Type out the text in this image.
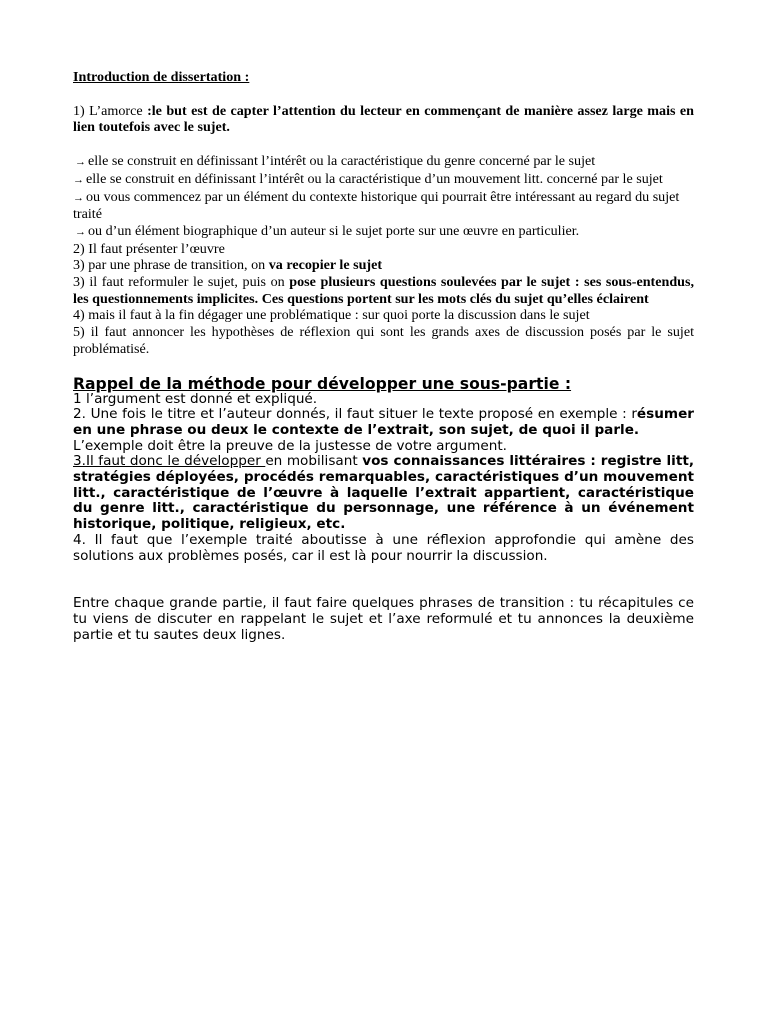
Introduction de dissertation :

1) L’amorce :le but est de capter l’attention du lecteur en commençant de manière assez large mais en lien toutefois avec le sujet.

→ elle se construit en définissant l’intérêt ou la caractéristique du genre concerné par le sujet

→ elle se construit en définissant l’intérêt ou la caractéristique d’un mouvement litt. concerné par le sujet

→ ou vous commencez par un élément du contexte historique qui pourrait être intéressant au regard du sujet traité

→ ou d’un élément biographique d’un auteur si le sujet porte sur une œuvre en particulier.

2) Il faut présenter l’œuvre

3) par une phrase de transition, on va recopier le sujet

3) il faut reformuler le sujet, puis on pose plusieurs questions soulevées par le sujet : ses sous-entendus, les questionnements implicites. Ces questions portent sur les mots clés du sujet qu’elles éclairent

4) mais il faut à la fin dégager une problématique : sur quoi porte la discussion dans le sujet

5) il faut annoncer les hypothèses de réflexion qui sont les grands axes de discussion posés par le sujet problématisé.

Rappel de la méthode pour développer une sous-partie :

1 l’argument est donné et expliqué.

2. Une fois le titre et l’auteur donnés, il faut situer le texte proposé en exemple : résumer en une phrase ou deux le contexte de l’extrait, son sujet, de quoi il parle.

L’exemple doit être la preuve de la justesse de votre argument.

3.Il faut donc le développer en mobilisant vos connaissances littéraires : registre litt, stratégies déployées, procédés remarquables, caractéristiques d’un mouvement litt., caractéristique de l’œuvre à laquelle l’extrait appartient, caractéristique du genre litt., caractéristique du personnage, une référence à un événement historique, politique, religieux, etc.

4. Il faut que l’exemple traité aboutisse à une réflexion approfondie qui amène des solutions aux problèmes posés, car il est là pour nourrir la discussion.

Entre chaque grande partie, il faut faire quelques phrases de transition : tu récapitules ce tu viens de discuter en rappelant le sujet et l’axe reformulé et tu annonces la deuxième partie et tu sautes deux lignes.
